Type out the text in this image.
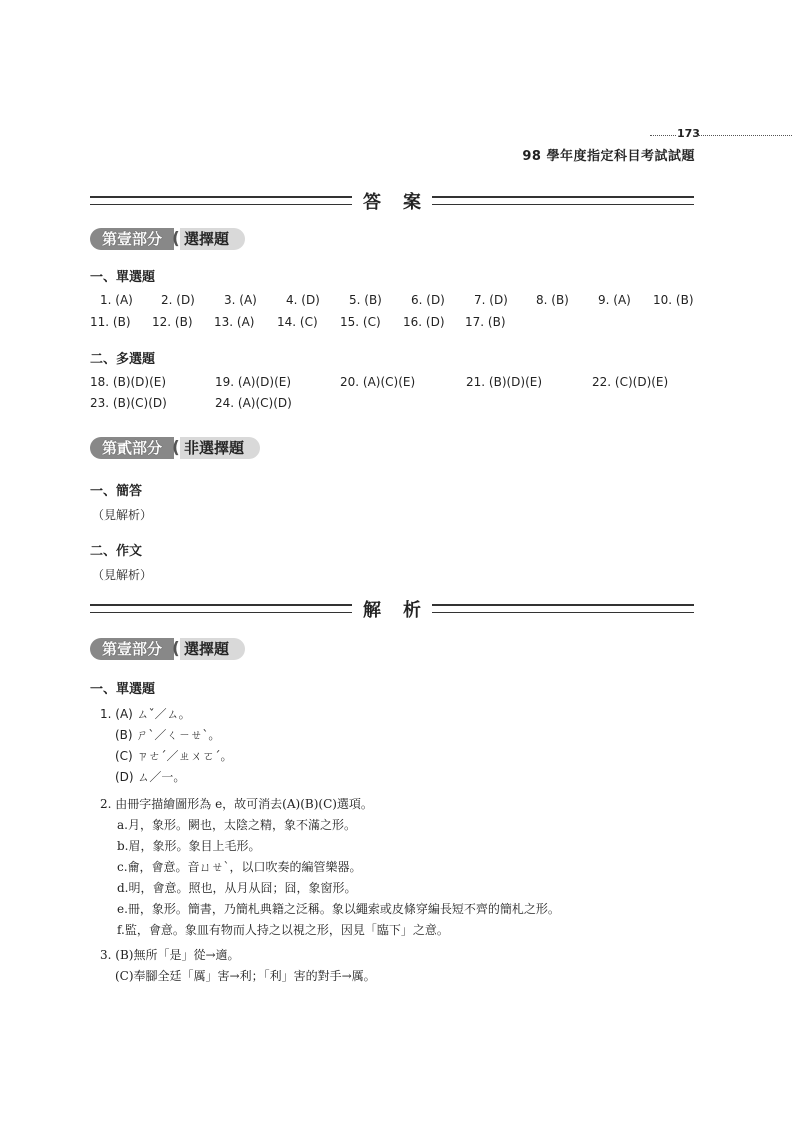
173
98 學年度指定科目考試試題
答案
第壹部分 ( 選擇題
一、單選題
1. (A) 2. (D) 3. (A) 4. (D) 5. (B) 6. (D) 7. (D) 8. (B) 9. (A) 10. (B)
11. (B) 12. (B) 13. (A) 14. (C) 15. (C) 16. (D) 17. (B)
二、多選題
18. (B)(D)(E)	19. (A)(D)(E)	20. (A)(C)(E)	21. (B)(D)(E)	22. (C)(D)(E)
23. (B)(C)(D)	24. (A)(C)(D)
第貳部分 ( 非選擇題
一、簡答
（見解析）
二、作文
（見解析）
解析
第壹部分 ( 選擇題
一、單選題
1. (A) ㄙˇ／ㄙ。
(B) ㄕˋ／ㄑㄧㄝˋ。
(C) ㄗㄜˊ／ㄓㄨㄛˊ。
(D) ㄙ／一。
2. 由冊字描繪圖形為 e，故可消去(A)(B)(C)選項。
a.月，象形。闕也，太陰之精，象不滿之形。
b.眉，象形。象目上毛形。
c.龠，會意。音ㄩㄝˋ，以口吹奏的編管樂器。
d.明，會意。照也，从月从囧；囧，象窗形。
e.冊，象形。簡書，乃簡札典籍之泛稱。象以繩索或皮條穿編長短不齊的簡札之形。
f.監，會意。象皿有物而人持之以視之形，因見「臨下」之意。
3. (B)無所「是」從→適。
(C)奉腳全廷「厲」害→利；「利」害的對手→厲。
